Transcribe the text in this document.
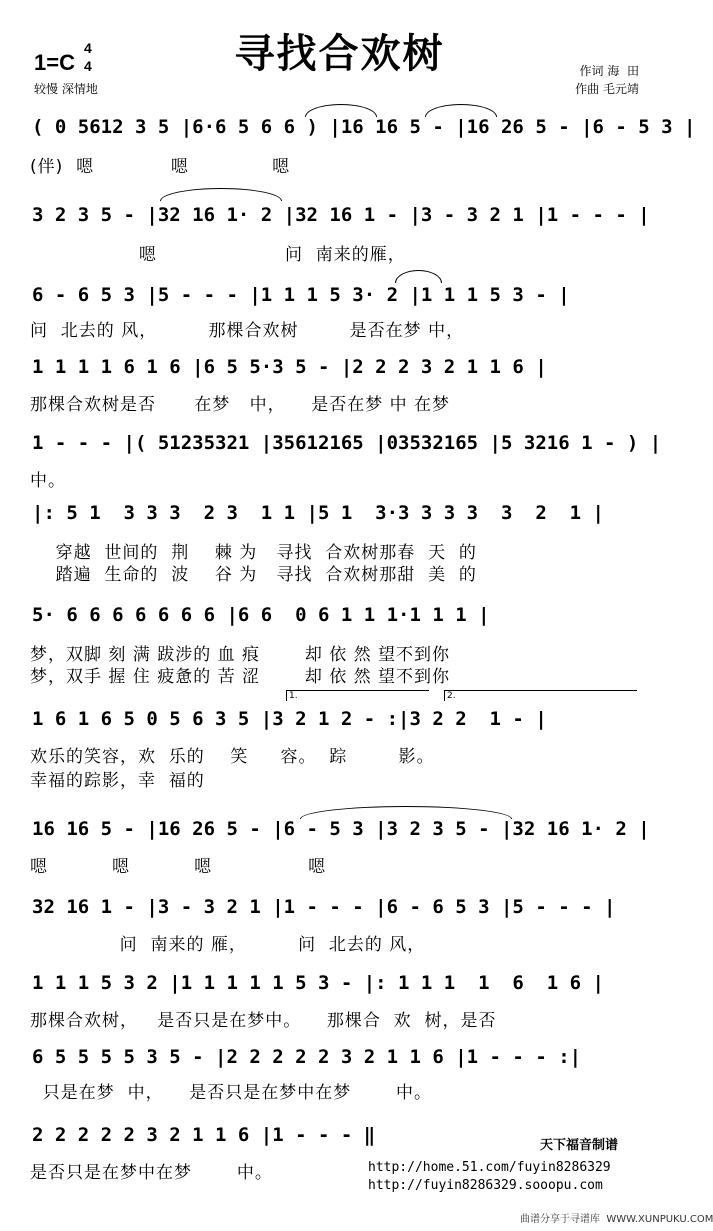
寻找合欢树
1=C
4
4
较慢 深情地
作词 海  田
作曲 毛元靖
( 0 5612 3 5 |6·6 5 6 6 ) |16 16 5 - |16 26 5 - |6 - 5 3 |
(伴)  嗯            嗯             嗯
3 2 3 5 - |32 16 1· 2 |32 16 1 - |3 - 3 2 1 |1 - - - |
嗯                    问  南来的雁，
6 - 6 5 3 |5 - - - |1 1 1 5 3· 2 |1 1 1 5 3 - |
问  北去的 风，        那棵合欢树        是否在梦 中，
1 1 1 1 6 1 6 |6 5 5·3 5 - |2 2 2 3 2 1 1 6 |
那棵合欢树是否      在梦   中，    是否在梦 中 在梦
1 - - - |( 51235321 |35612165 |03532165 |5 3216 1 - ) |
中。
|: 5 1  3 3 3  2 3  1 1 |5 1  3·3 3 3 3  3  2  1 |
穿越  世间的  荆    棘 为   寻找  合欢树那春  天  的
踏遍  生命的  波    谷 为   寻找  合欢树那甜  美  的
5· 6 6 6 6 6 6 6 |6 6  0 6 1 1 1·1 1 1 |
梦，双脚 刻 满 跋涉的 血 痕       却 依 然 望不到你
梦，双手 握 住 疲惫的 苦 涩       却 依 然 望不到你
1.	2.
1 6 1 6 5 0 5 6 3 5 |3 2 1 2 - :|3 2 2  1 - |
欢乐的笑容，欢  乐的    笑     容。  踪        影。
幸福的踪影，幸  福的
16 16 5 - |16 26 5 - |6 - 5 3 |3 2 3 5 - |32 16 1· 2 |
嗯          嗯          嗯               嗯
32 16 1 - |3 - 3 2 1 |1 - - - |6 - 6 5 3 |5 - - - |
问  南来的 雁，        问  北去的 风，
1 1 1 5 3 2 |1 1 1 1 1 5 3 - |: 1 1 1  1  6  1 6 |
那棵合欢树，   是否只是在梦中。    那棵合  欢  树，是否
6 5 5 5 5 3 5 - |2 2 2 2 2 3 2 1 1 6 |1 - - - :|
只是在梦  中，    是否只是在梦中在梦       中。
2 2 2 2 2 3 2 1 1 6 |1 - - - ‖
是否只是在梦中在梦       中。
天下福音制谱
http://home.51.com/fuyin8286329
http://fuyin8286329.sooopu.com
曲谱分享于寻谱库  WWW.XUNPUKU.COM
